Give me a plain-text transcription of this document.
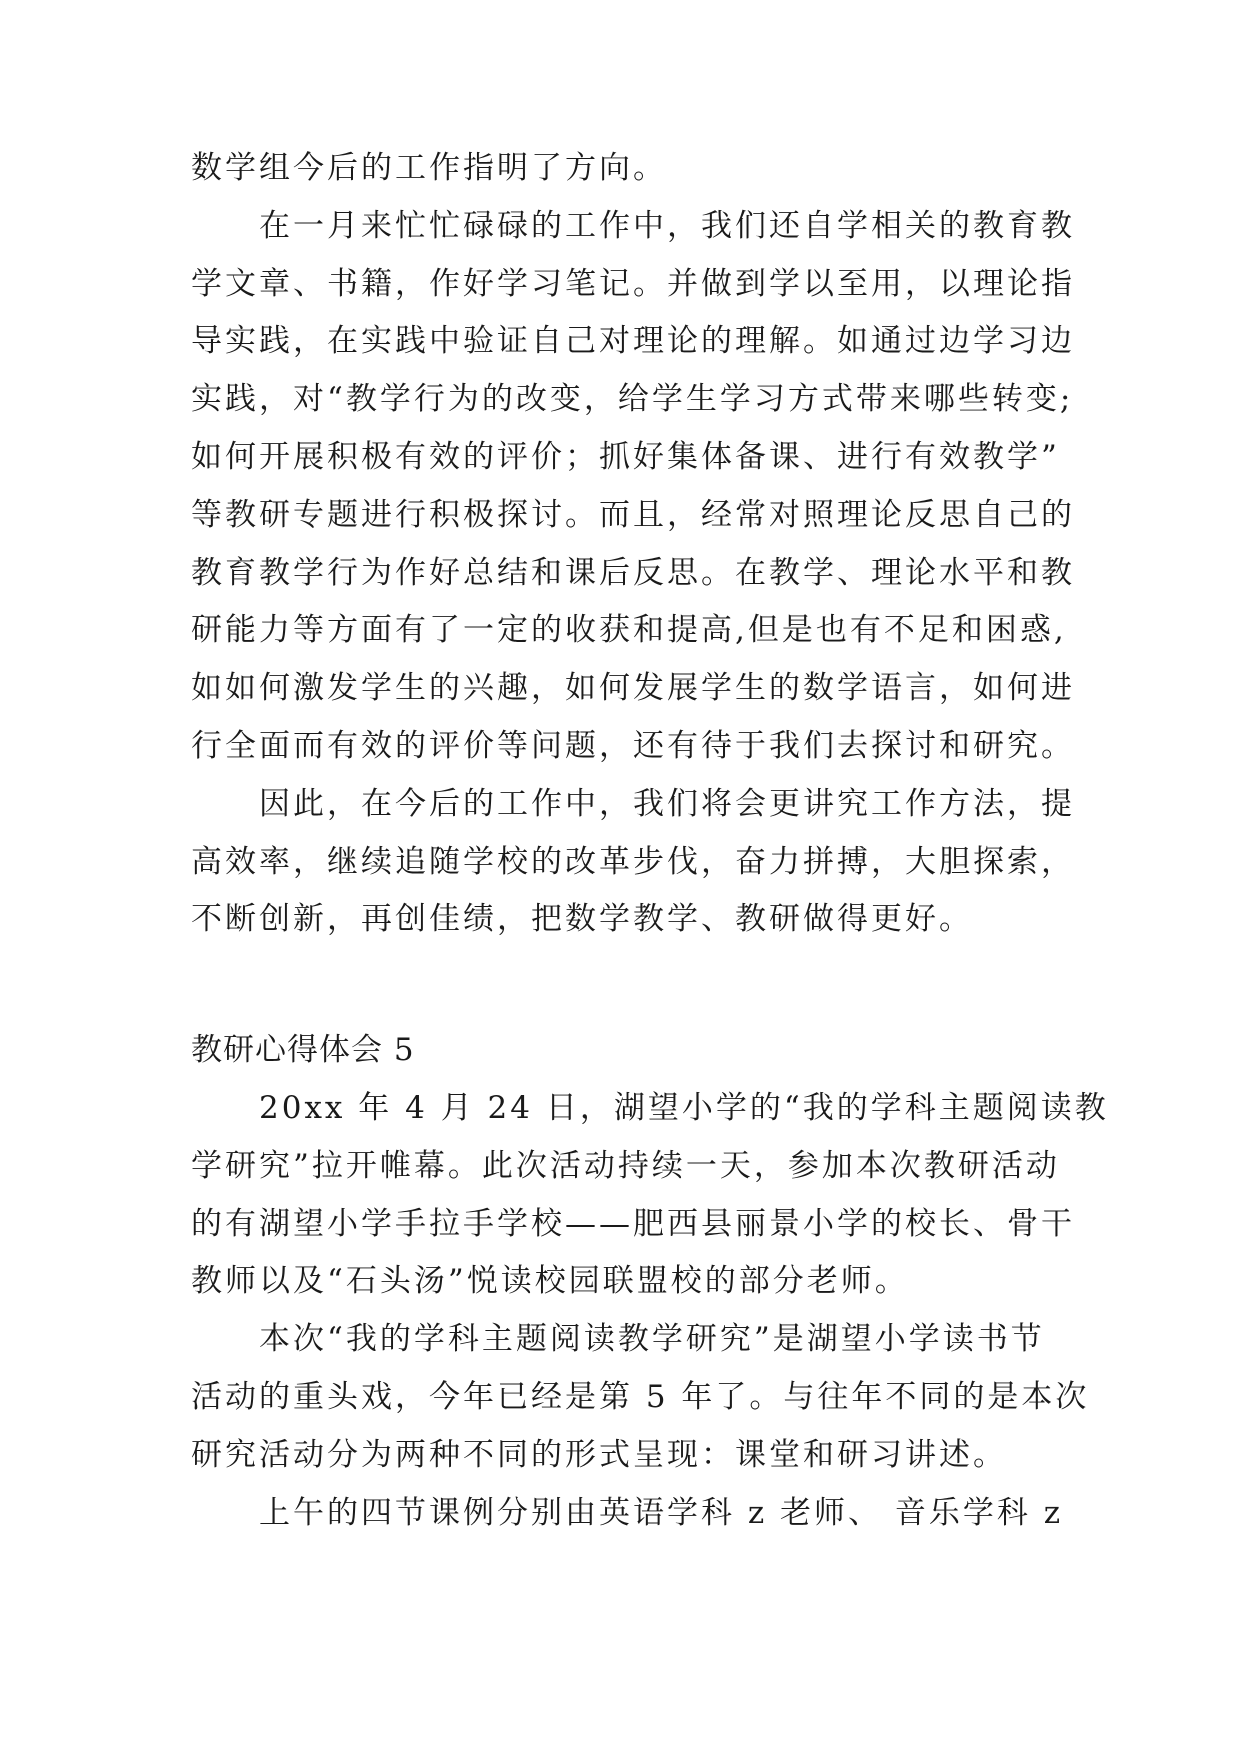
数学组今后的工作指明了方向。
在一月来忙忙碌碌的工作中，我们还自学相关的教育教
学文章、书籍，作好学习笔记。并做到学以至用，以理论指
导实践，在实践中验证自己对理论的理解。如通过边学习边
实践，对“教学行为的改变，给学生学习方式带来哪些转变;
如何开展积极有效的评价；抓好集体备课、进行有效教学”
等教研专题进行积极探讨。而且，经常对照理论反思自己的
教育教学行为作好总结和课后反思。在教学、理论水平和教
研能力等方面有了一定的收获和提高,但是也有不足和困惑,
如如何激发学生的兴趣，如何发展学生的数学语言，如何进
行全面而有效的评价等问题，还有待于我们去探讨和研究。
因此，在今后的工作中，我们将会更讲究工作方法，提
高效率，继续追随学校的改革步伐，奋力拼搏，大胆探索，
不断创新，再创佳绩，把数学教学、教研做得更好。
教研心得体会 5
20xx 年 4 月 24 日，湖望小学的“我的学科主题阅读教
学研究”拉开帷幕。此次活动持续一天，参加本次教研活动
的有湖望小学手拉手学校——肥西县丽景小学的校长、骨干
教师以及“石头汤”悦读校园联盟校的部分老师。
本次“我的学科主题阅读教学研究”是湖望小学读书节
活动的重头戏，今年已经是第 5 年了。与往年不同的是本次
研究活动分为两种不同的形式呈现：课堂和研习讲述。
上午的四节课例分别由英语学科 z 老师、 音乐学科 z
